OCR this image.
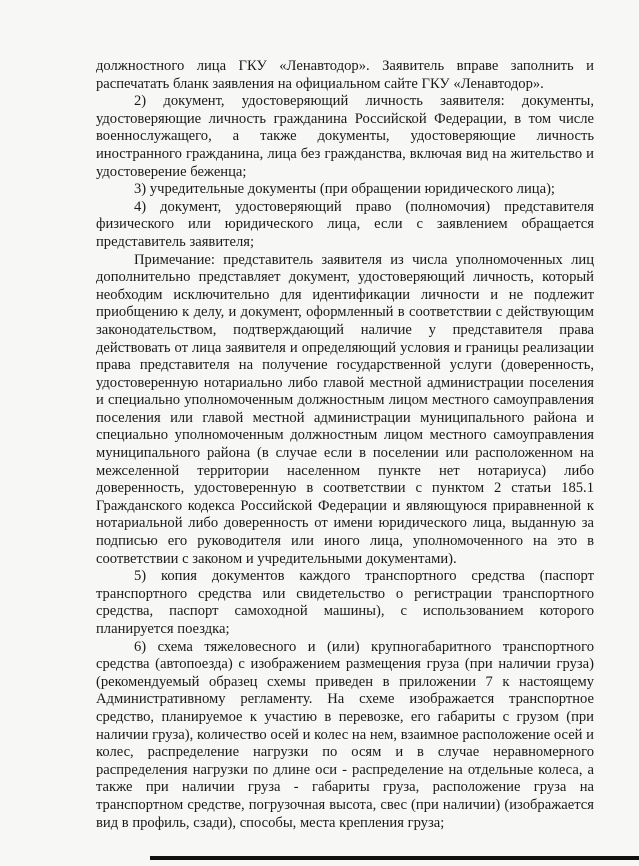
должностного лица ГКУ «Ленавтодор». Заявитель вправе заполнить и распечатать бланк заявления на официальном сайте ГКУ «Ленавтодор».

2) документ, удостоверяющий личность заявителя: документы, удостоверяющие личность гражданина Российской Федерации, в том числе военнослужащего, а также документы, удостоверяющие личность иностранного гражданина, лица без гражданства, включая вид на жительство и удостоверение беженца;

3) учредительные документы (при обращении юридического лица);

4) документ, удостоверяющий право (полномочия) представителя физического или юридического лица, если с заявлением обращается представитель заявителя;

Примечание: представитель заявителя из числа уполномоченных лиц дополнительно представляет документ, удостоверяющий личность, который необходим исключительно для идентификации личности и не подлежит приобщению к делу, и документ, оформленный в соответствии с действующим законодательством, подтверждающий наличие у представителя права действовать от лица заявителя и определяющий условия и границы реализации права представителя на получение государственной услуги (доверенность, удостоверенную нотариально либо главой местной администрации поселения и специально уполномоченным должностным лицом местного самоуправления поселения или главой местной администрации муниципального района и специально уполномоченным должностным лицом местного самоуправления муниципального района (в случае если в поселении или расположенном на межселенной территории населенном пункте нет нотариуса) либо доверенность, удостоверенную в соответствии с пунктом 2 статьи 185.1 Гражданского кодекса Российской Федерации и являющуюся приравненной к нотариальной либо доверенность от имени юридического лица, выданную за подписью его руководителя или иного лица, уполномоченного на это в соответствии с законом и учредительными документами).

5) копия документов каждого транспортного средства (паспорт транспортного средства или свидетельство о регистрации транспортного средства, паспорт самоходной машины), с использованием которого планируется поездка;

6) схема тяжеловесного и (или) крупногабаритного транспортного средства (автопоезда) с изображением размещения груза (при наличии груза) (рекомендуемый образец схемы приведен в приложении 7 к настоящему Административному регламенту. На схеме изображается транспортное средство, планируемое к участию в перевозке, его габариты с грузом (при наличии груза), количество осей и колес на нем, взаимное расположение осей и колес, распределение нагрузки по осям и в случае неравномерного распределения нагрузки по длине оси - распределение на отдельные колеса, а также при наличии груза - габариты груза, расположение груза на транспортном средстве, погрузочная высота, свес (при наличии) (изображается вид в профиль, сзади), способы, места крепления груза;
